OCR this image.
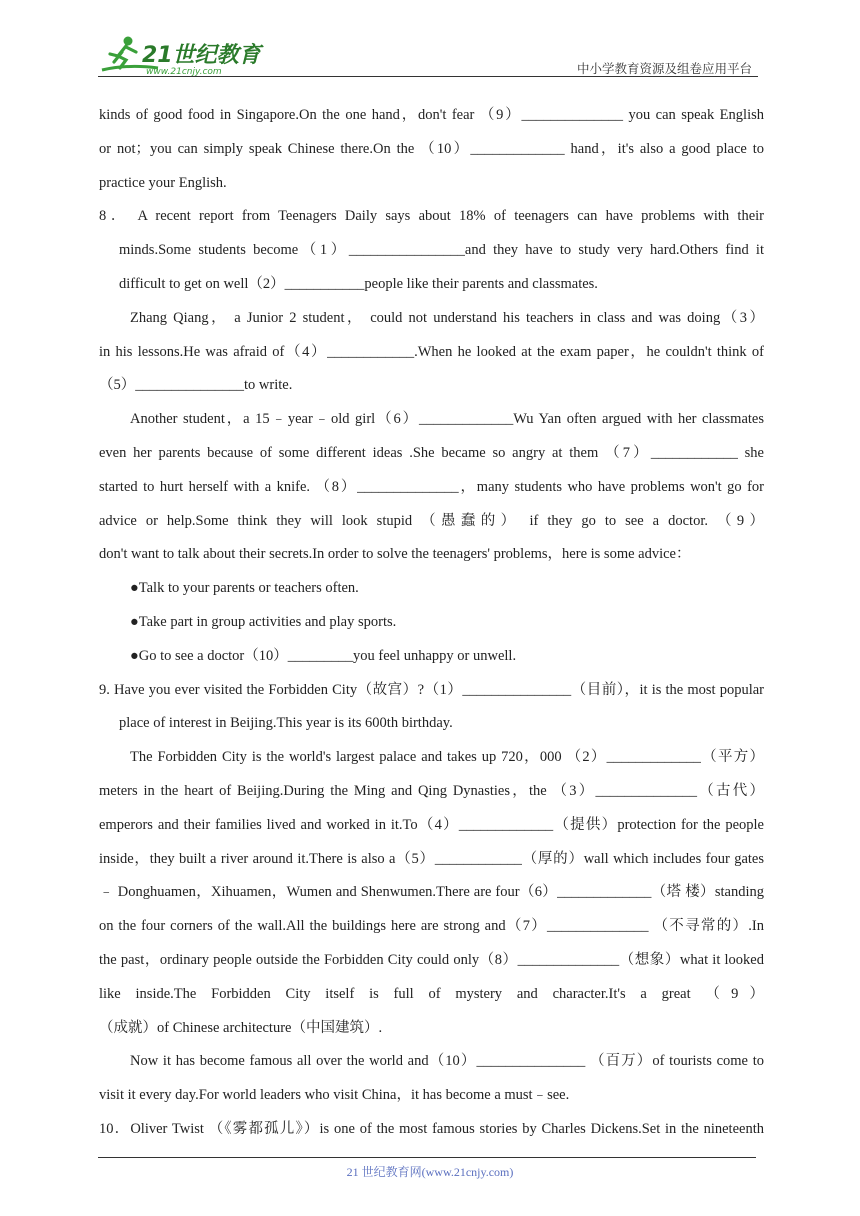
21世纪教育
www.21cnjy.com	中小学教育资源及组卷应用平台
kinds of good food in Singapore.On the one hand，don't fear （9）______________ you can speak English
or not；you can simply speak Chinese there.On the （10）_____________ hand，it's also a good place to
practice your English.
8． A recent report from Teenagers Daily says about 18% of teenagers can have problems with their
minds.Some students become（1）________________and they have to study very hard.Others find it
difficult to get on well（2）___________people like their parents and classmates.
Zhang Qiang， a Junior 2 student， could not understand his teachers in class and was doing（3）
in his lessons.He was afraid of（4）____________.When he looked at the exam paper，he couldn't think of
（5）_______________to write.
Another student，a 15﹣year﹣old girl（6）_____________Wu Yan often argued with her classmates
even her parents because of some different ideas .She became so angry at them （7）____________ she
started to hurt herself with a knife. （8）______________，many students who have problems won't go for
advice or help.Some think they will look stupid （愚蠢的） if they go to see a doctor. （9）
don't want to talk about their secrets.In order to solve the teenagers' problems，here is some advice：
●Talk to your parents or teachers often.
●Take part in group activities and play sports.
●Go to see a doctor（10）_________you feel unhappy or unwell.
9. Have you ever visited the Forbidden City（故宫）?（1）_______________（目前），it is the most popular
place of interest in Beijing.This year is its 600th birthday.
The Forbidden City is the world's largest palace and takes up 720，000 （2）_____________（平方）
meters in the heart of Beijing.During the Ming and Qing Dynasties，the （3）______________（古代）
emperors and their families lived and worked in it.To（4）_____________（提供）protection for the people
inside，they built a river around it.There is also a（5）____________（厚的）wall which includes four gates
﹣ Donghuamen，Xihuamen，Wumen and Shenwumen.There are four（6）_____________（塔 楼）standing
on the four corners of the wall.All the buildings here are strong and（7）______________ （不寻常的）.In
the past，ordinary people outside the Forbidden City could only（8）______________（想象）what it looked
like inside.The Forbidden City itself is full of mystery and character.It's a great （9）
（成就）of Chinese architecture（中国建筑）.
Now it has become famous all over the world and（10）_______________ （百万）of tourists come to
visit it every day.For world leaders who visit China，it has become a must﹣see.
10．Oliver Twist （《雾都孤儿》）is one of the most famous stories by Charles Dickens.Set in the nineteenth
21 世纪教育网(www.21cnjy.com)
